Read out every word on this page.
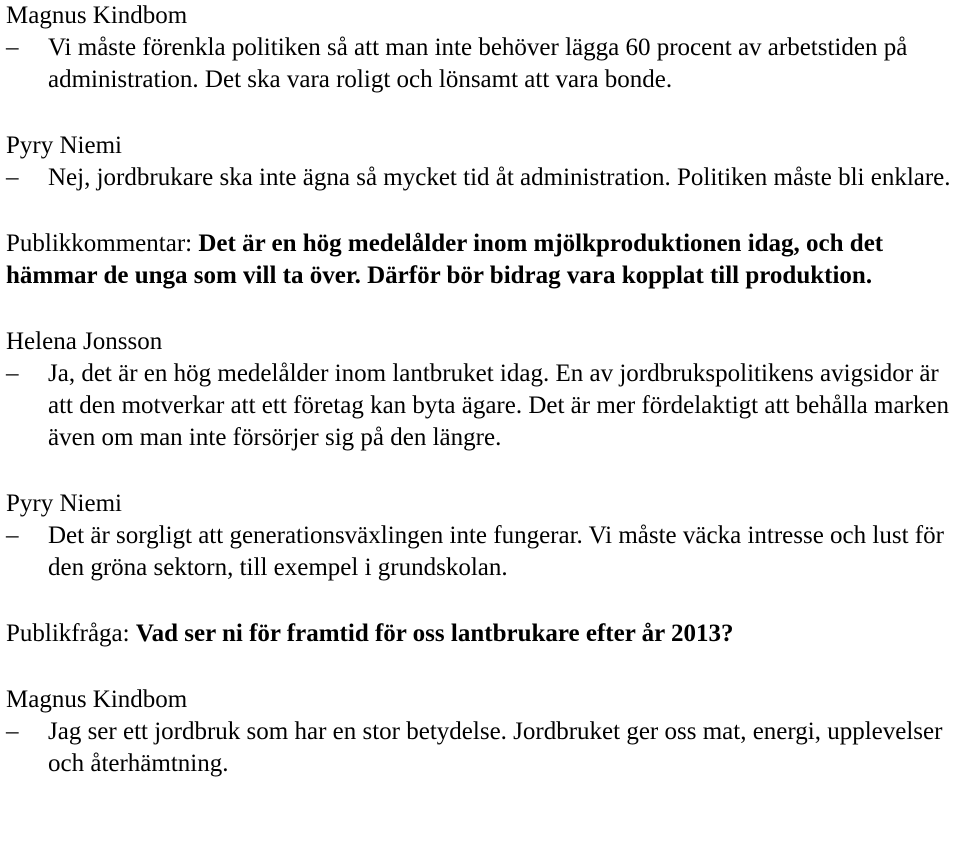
Magnus Kindbom

–	Vi måste förenkla politiken så att man inte behöver lägga 60 procent av arbetstiden på administration. Det ska vara roligt och lönsamt att vara bonde.

Pyry Niemi

–	Nej, jordbrukare ska inte ägna så mycket tid åt administration. Politiken måste bli enklare.

Publikkommentar: Det är en hög medelålder inom mjölkproduktionen idag, och det hämmar de unga som vill ta över. Därför bör bidrag vara kopplat till produktion.

Helena Jonsson

–	Ja, det är en hög medelålder inom lantbruket idag. En av jordbrukspolitikens avigsidor är att den motverkar att ett företag kan byta ägare. Det är mer fördelaktigt att behålla marken även om man inte försörjer sig på den längre.

Pyry Niemi

–	Det är sorgligt att generationsväxlingen inte fungerar. Vi måste väcka intresse och lust för den gröna sektorn, till exempel i grundskolan.

Publikfråga: Vad ser ni för framtid för oss lantbrukare efter år 2013?

Magnus Kindbom

–	Jag ser ett jordbruk som har en stor betydelse. Jordbruket ger oss mat, energi, upplevelser och återhämtning.
